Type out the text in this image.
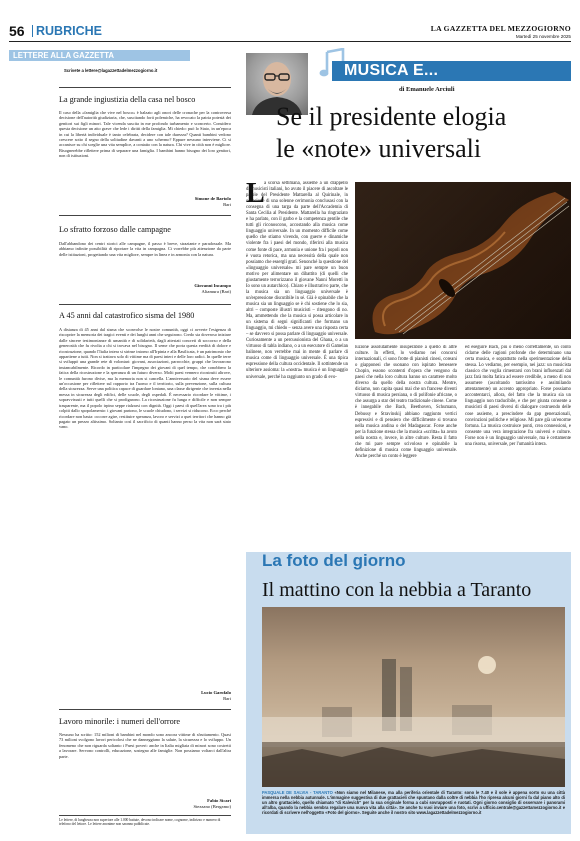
56 RUBRICHE	LA GAZZETTA DEL MEZZOGIORNO
Martedì 25 novembre 2025
LETTERE ALLA GAZZETTA
Scrivete a lettere@lagazzettadelmezzogiorno.it
La grande ingiustizia della casa nel bosco
Il caso della «famiglia che vive nel bosco» è balzato agli onori delle cronache per la controversa decisione dell'autorità giudiziaria, che, suscitando forti polemiche, ha revocato la patria potestà dei genitori sui figli minori. Tale vicenda suscita in me profondo turbamento e sconcerto. Considero questa decisione un atto grave che lede i diritti della famiglia. Mi chiedo: può lo Stato, in un'epoca in cui la libertà individuale è tanto celebrata, decidere con tale durezza? Quanti bambini vedono crescere sotto il segno della solitudine davanti a uno schermo? Eppure nessuno interviene. Ci si accanisce su chi sceglie una vita semplice, a contatto con la natura. Chi vive in città non è migliore. Bisognerebbe riflettere prima di separare una famiglia. I bambini hanno bisogno dei loro genitori, non di istituzioni.
Simone de Bartolo
Bari
Lo sfratto forzoso dalle campagne
Dall'abbandono dei centri storici alle campagne, il passo è breve, straziante e paradossale. Ma abbiamo infinite possibilità di riportare la vita in campagna. Ci vorrebbe più attenzione da parte delle istituzioni, progettando una vita migliore, sempre in linea e in armonia con la natura.
Giovanni Incampo
Altamura (Bari)
A 45 anni dal catastrofico sisma del 1980
A distanza di 45 anni dal sisma che sconvolse le nostre comunità, oggi ci avverte l'esigenza di riscoprire la memoria dei tragici eventi e dei lunghi anni che seguirono. Credo sia doveroso iniziare dalle sincere testimonianze di umanità e di solidarietà, dagli attestati concreti di soccorso e della generosità che fu rivolta a chi si trovava nel bisogno. Il seme che porta questa eredità di dolore e ricostruzione, quando l'Italia intera si strinse intorno all'Irpinia e alla Basilicata, è un patrimonio che appartiene a tutti. Non si trattava solo di vittime ma di paesi interi e delle loro radici. In quelle terre si sviluppò una grande rete di volontari: giovani, associazioni, parrocchie, gruppi che lavorarono instancabilmente. Ricordo in particolare l'impegno dei giovani di quel tempo, che conobbero la fatica della ricostruzione e la speranza di un futuro diverso. Molti paesi vennero ricostruiti altrove, le comunità furono divise, ma la memoria non si cancella. L'anniversario del sisma deve essere un'occasione per riflettere sul rapporto tra l'uomo e il territorio, sulla prevenzione, sulla cultura della sicurezza. Serve una politica capace di guardare lontano, una classe dirigente che investa nella messa in sicurezza degli edifici, delle scuole, degli ospedali. È necessario ricordare le vittime, i sopravvissuti e tutti quelli che si prodigarono. La ricostruzione fu lunga e difficile e non sempre trasparente, ma il popolo irpino seppe rialzarsi con dignità. Oggi i paesi di quell'area sono tra i più colpiti dallo spopolamento: i giovani partono, le scuole chiudono, i servizi si riducono. Ecco perché ricordare non basta: occorre agire, restituire speranza, lavoro e servizi a quei territori che hanno già pagato un prezzo altissimo. Soltanto così il sacrificio di quanti hanno perso la vita non sarà stato vano.
Lucio Garofalo
Bari
Lavoro minorile: i numeri dell'orrore
Nessuno ha scritto: 152 milioni di bambini nel mondo sono ancora vittime di sfruttamento. Quasi 73 milioni svolgono lavori pericolosi che ne danneggiano la salute, la sicurezza e lo sviluppo. Un fenomeno che non riguarda soltanto i Paesi poveri: anche in Italia migliaia di minori sono costretti a lavorare. Servono controlli, educazione, sostegno alle famiglie. Non possiamo voltarci dall'altra parte.
Fabio Sicari
Stezzano (Bergamo)
Le lettere, di lunghezza non superiore alle 1.000 battute, devono indicare nome, cognome, indirizzo e numero di telefono del lettore. Le lettere anonime non saranno pubblicate.
MUSICA E...
di Emanuele Arciuli
Se il presidente elogia
le «note» universali
L a scorsa settimana, assieme a un drappello di musicisti italiani, ho avuto il piacere di ascoltare le parole del Presidente Mattarella al Quirinale, in occasione di una solenne cerimonia conclusasi con la consegna di una targa da parte dell'Accademia di Santa Cecilia al Presidente. Mattarella ha ringraziato e ha parlato, con il garbo e la competenza gentile che tutti gli riconoscono, accostando alla musica come linguaggio universale. In un momento difficile come quello che stiamo vivendo, con guerre e dinamiche violente fra i paesi del mondo, riferirsi alla musica come fonte di pace, armonia e unione fra i popoli non è vuota retorica, ma una necessità della quale non possiamo che essergli grati. Senonché la questione del «linguaggio universale» mi pare sempre un buon motivo per alimentare un dibattito (di quelli che giustamente terrorizzano il giovane Nanni Moretti in Io sono un autarchico). Chiaro e illustrativo parte, che la musica sia un linguaggio universale è un'espressione discutibile in sé. Già è opinabile che la musica sia un linguaggio se è chi sostiene che lo sia, altri – composte illustri musicisti – ritengono di no. Ma, ammettendo che la musica si possa articolare in un sistema di segni significanti che formano un linguaggio, mi chiedo – senza avere una risposta certa – se davvero si possa parlare di linguaggio universale. Curiosamente a un percussionista del Ghana, o a un virtuoso di tabla indiano, o a un esecutore di Gamelan balinese, non verrebbe mai in mente di parlare di musica come di linguaggio universale. È una tipica espressione della cultura occidentale. Il sottintende un ulteriore assioma: la «nostra» musica è un linguaggio universale, perché ha raggiunto un grado di evo-
luzione assolutamente insuperabile a quello di altre culture. In effetti, lo vediamo nei concorsi internazionali, ci sono frotte di pianisti cinesi, coreani o giapponesi che suonano con ispirato benessere Chopin, essono scontenti d'opera che vengono da paesi che nella loro cultura hanno un carattere molto diverso da quello della nostra cultura. Mentre, diciamo, non capita quasi mai che un francese diventi virtuoso di musica persiana, o di polifonie africane, o che assurga a star del teatro tradizionale cinese. Come è innegabile che Bach, Beethoven, Schumann, Debussy e Stravinskij abbiano raggiunto vertici espressivi e di pensiero che difficilmente si trovano nella musica andina o del Madagascar. Forse anche per la funzione stessa che la musica «scritta» ha avuto nella nostra e, invece, in altre culture. Resta il fatto che mi pare sempre scivoloso e opinabile la definizione di musica come linguaggio universale. Anche perché un conto è leggere
ed eseguire Bach, più o meno correttamente, un conto cidarne delle ragioni profonde che determinano una certa musica, e soprattutto nella sperimentazione della stessa. Lo vediamo, per esempio, nei jazz: un musicista classico che voglia cimentarsi con brani influenzati dal jazz farà molta fatica ad essere credibile, a meno di non assumere (ascoltando tantissimo e assimilando attentamente) un accento appropriato. Forse possiamo accontentarci, allora, del fatto che la musica sia un linguaggio non traducibile, e che per giunta consente a musicisti di paesi diversi di dialogare costruendo delle cose assieme, a prescindere da gap generazionali, convinzioni politiche e religiose. Mi pare già un'enorme fortuna. La musica costruisce ponti, crea connessioni, e consente una vera integrazione fra universi e culture. Forse non è un linguaggio universale, ma è certamente una risorsa, universale, per l'umanità intera.
La foto del giorno
Il mattino con la nebbia a Taranto
PASQUALE DE SALVIA - TARANTO «Non siamo nel Milanese, ma alla periferia orientale di Taranto: sono le 7.40 e il sole è appena sorto su una città immersa nella nebbia autunnale. L'immagine suggestiva di due grattacieli che spuntano dalla coltre di nebbia l'ho ripresa alcuni giorni fa dal piano alto di un altro grattacielo, quello chiamato "di Kalevich" per la sua originale forma a cubi sovrapposti e ruotati. Ogni giorno consiglio di osservare i panorami all'alba, quando la nebbia sembra regalare una nuova vita alla città». Se anche tu vuoi inviare una foto, scrivi a ufficio.centrale@gazzettamezzogiorno.it e ricordati di scrivere nell'oggetto «Foto del giorno». Seguite anche il nostro sito www.lagazzettadelmezzogiorno.it
